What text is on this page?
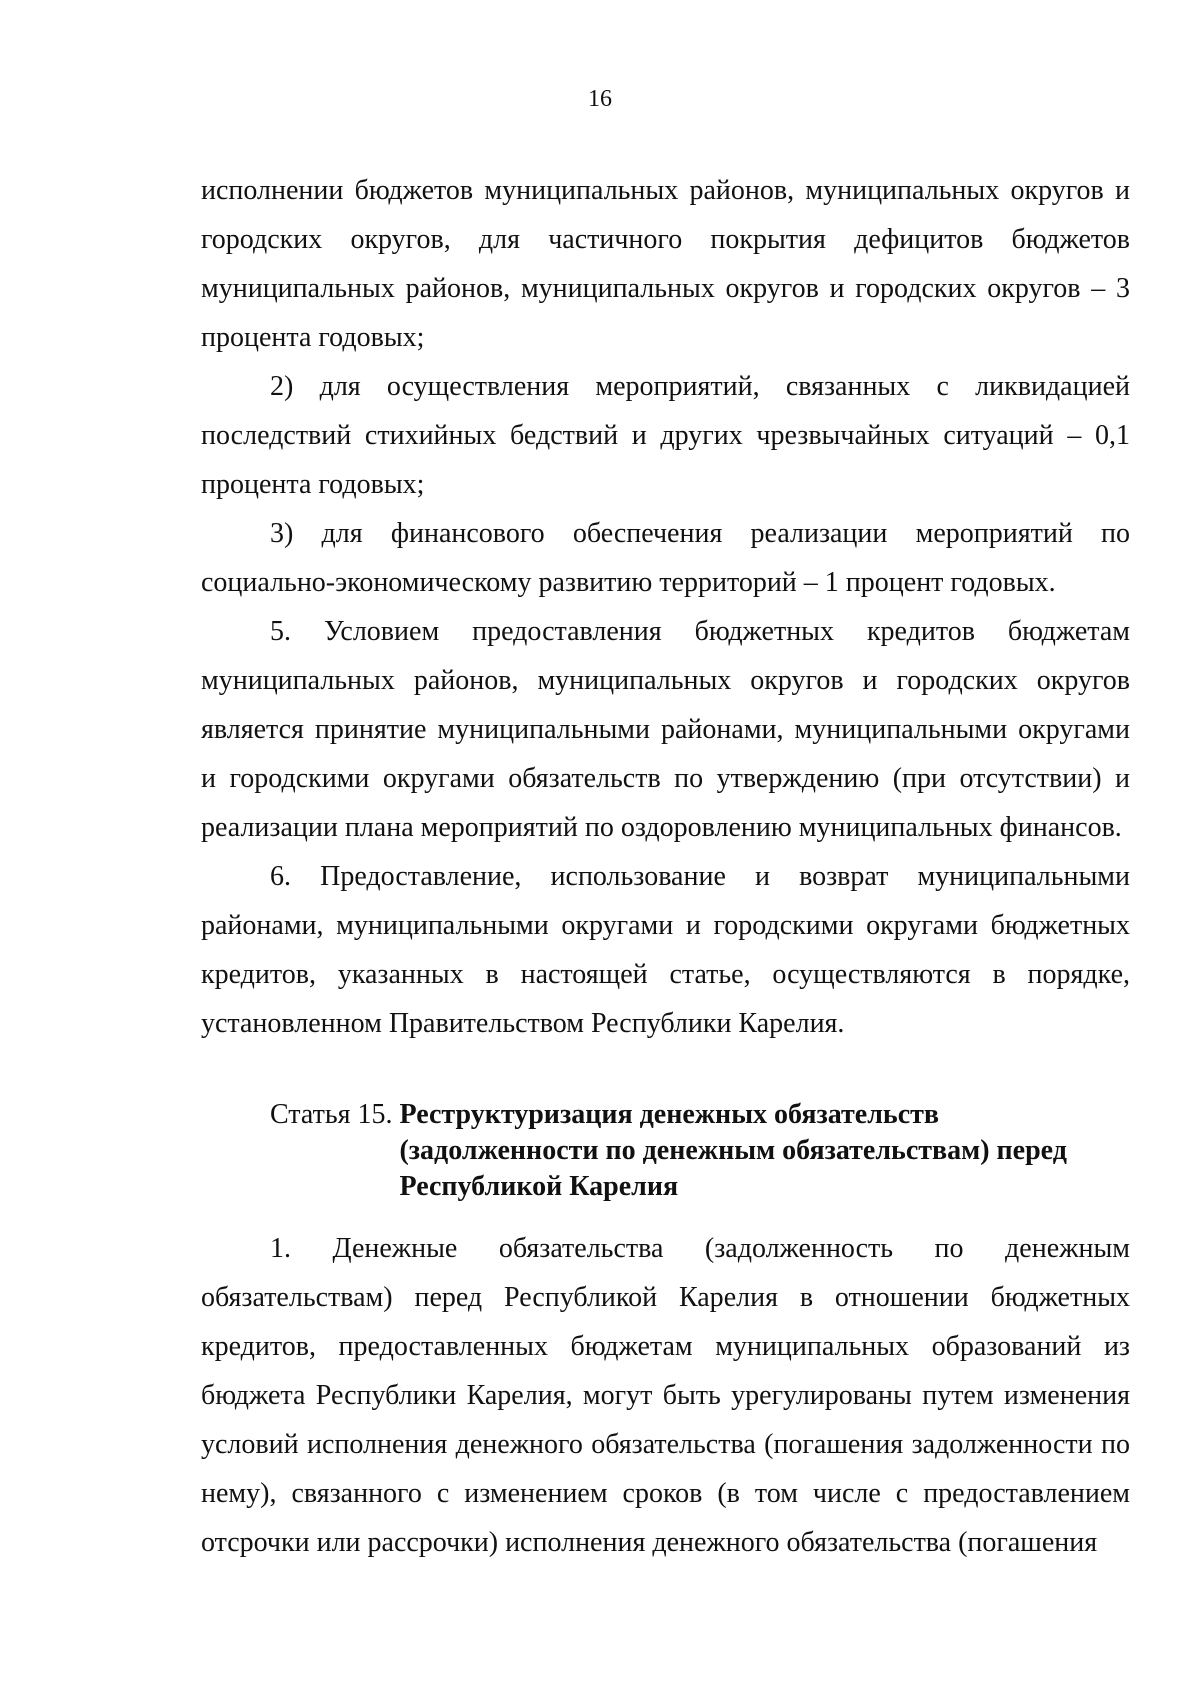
16

исполнении бюджетов муниципальных районов, муниципальных округов и городских округов, для частичного покрытия дефицитов бюджетов муниципальных районов, муниципальных округов и городских округов – 3 процента годовых;

2) для осуществления мероприятий, связанных с ликвидацией последствий стихийных бедствий и других чрезвычайных ситуаций – 0,1 процента годовых;

3) для финансового обеспечения реализации мероприятий по социально-экономическому развитию территорий – 1 процент годовых.

5. Условием предоставления бюджетных кредитов бюджетам муниципальных районов, муниципальных округов и городских округов является принятие муниципальными районами, муниципальными округами и городскими округами обязательств по утверждению (при отсутствии) и реализации плана мероприятий по оздоровлению муниципальных финансов.

6. Предоставление, использование и возврат муниципальными районами, муниципальными округами и городскими округами бюджетных кредитов, указанных в настоящей статье, осуществляются в порядке, установленном Правительством Республики Карелия.

Статья 15. Реструктуризация денежных обязательств (задолженности по денежным обязательствам) перед Республикой Карелия

1. Денежные обязательства (задолженность по денежным обязательствам) перед Республикой Карелия в отношении бюджетных кредитов, предоставленных бюджетам муниципальных образований из бюджета Республики Карелия, могут быть урегулированы путем изменения условий исполнения денежного обязательства (погашения задолженности по нему), связанного с изменением сроков (в том числе с предоставлением отсрочки или рассрочки) исполнения денежного обязательства (погашения
